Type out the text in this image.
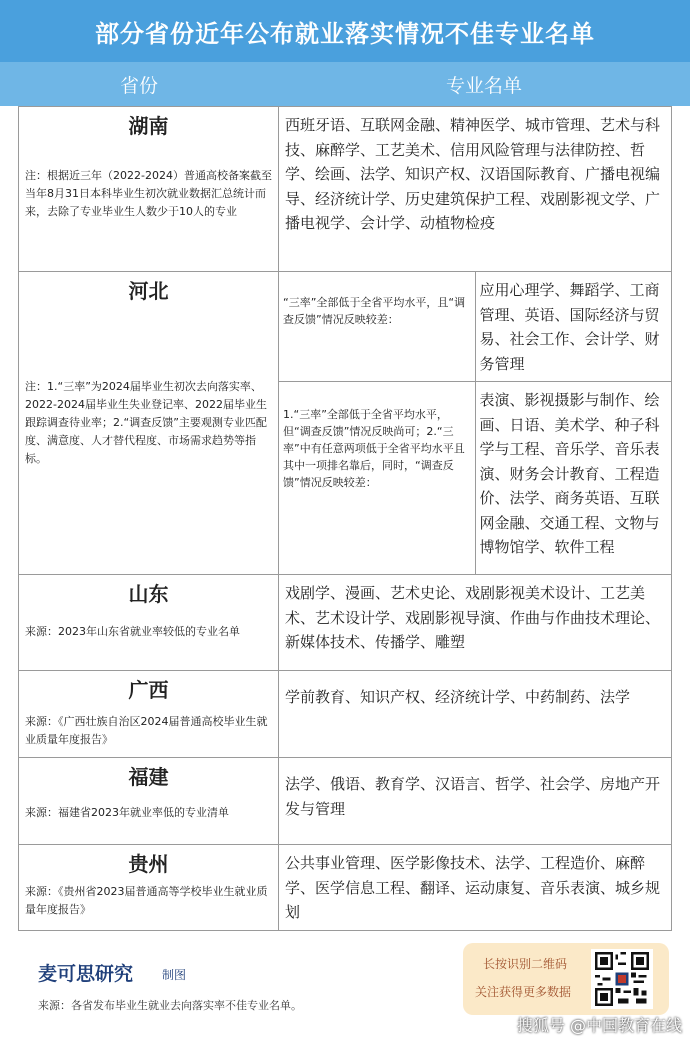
部分省份近年公布就业落实情况不佳专业名单
省份	专业名单
湖南
注：根据近三年（2022-2024）普通高校备案截至当年8月31日本科毕业生初次就业数据汇总统计而来，去除了专业毕业生人数少于10人的专业	西班牙语、互联网金融、精神医学、城市管理、艺术与科技、麻醉学、工艺美术、信用风险管理与法律防控、哲学、绘画、法学、知识产权、汉语国际教育、广播电视编导、经济统计学、历史建筑保护工程、戏剧影视文学、广播电视学、会计学、动植物检疫	

河北
注：1.“三率”为2024届毕业生初次去向落实率、2022-2024届毕业生失业登记率、2022届毕业生跟踪调查待业率；2.“调查反馈”主要观测专业匹配度、满意度、人才替代程度、市场需求趋势等指标。	“三率”全部低于全省平均水平，且“调查反馈”情况反映较差：	应用心理学、舞蹈学、工商管理、英语、国际经济与贸易、社会工作、会计学、财务管理
	1.“三率”全部低于全省平均水平，但“调查反馈”情况反映尚可；2.“三率”中有任意两项低于全省平均水平且其中一项排名靠后，同时，“调查反馈”情况反映较差：	表演、影视摄影与制作、绘画、日语、美术学、种子科学与工程、音乐学、音乐表演、财务会计教育、工程造价、法学、商务英语、互联网金融、交通工程、文物与博物馆学、软件工程

山东
来源：2023年山东省就业率较低的专业名单	戏剧学、漫画、艺术史论、戏剧影视美术设计、工艺美术、艺术设计学、戏剧影视导演、作曲与作曲技术理论、新媒体技术、传播学、雕塑	

广西
来源：《广西壮族自治区2024届普通高校毕业生就业质量年度报告》	学前教育、知识产权、经济统计学、中药制药、法学	

福建
来源：福建省2023年就业率低的专业清单	法学、俄语、教育学、汉语言、哲学、社会学、房地产开发与管理	

贵州
来源：《贵州省2023届普通高等学校毕业生就业质量年度报告》	公共事业管理、医学影像技术、法学、工程造价、麻醉学、医学信息工程、翻译、运动康复、音乐表演、城乡规划	
麦可思研究 制图
来源：各省发布毕业生就业去向落实率不佳专业名单。
长按识别二维码
关注获得更多数据
搜狐号 @中国教育在线
